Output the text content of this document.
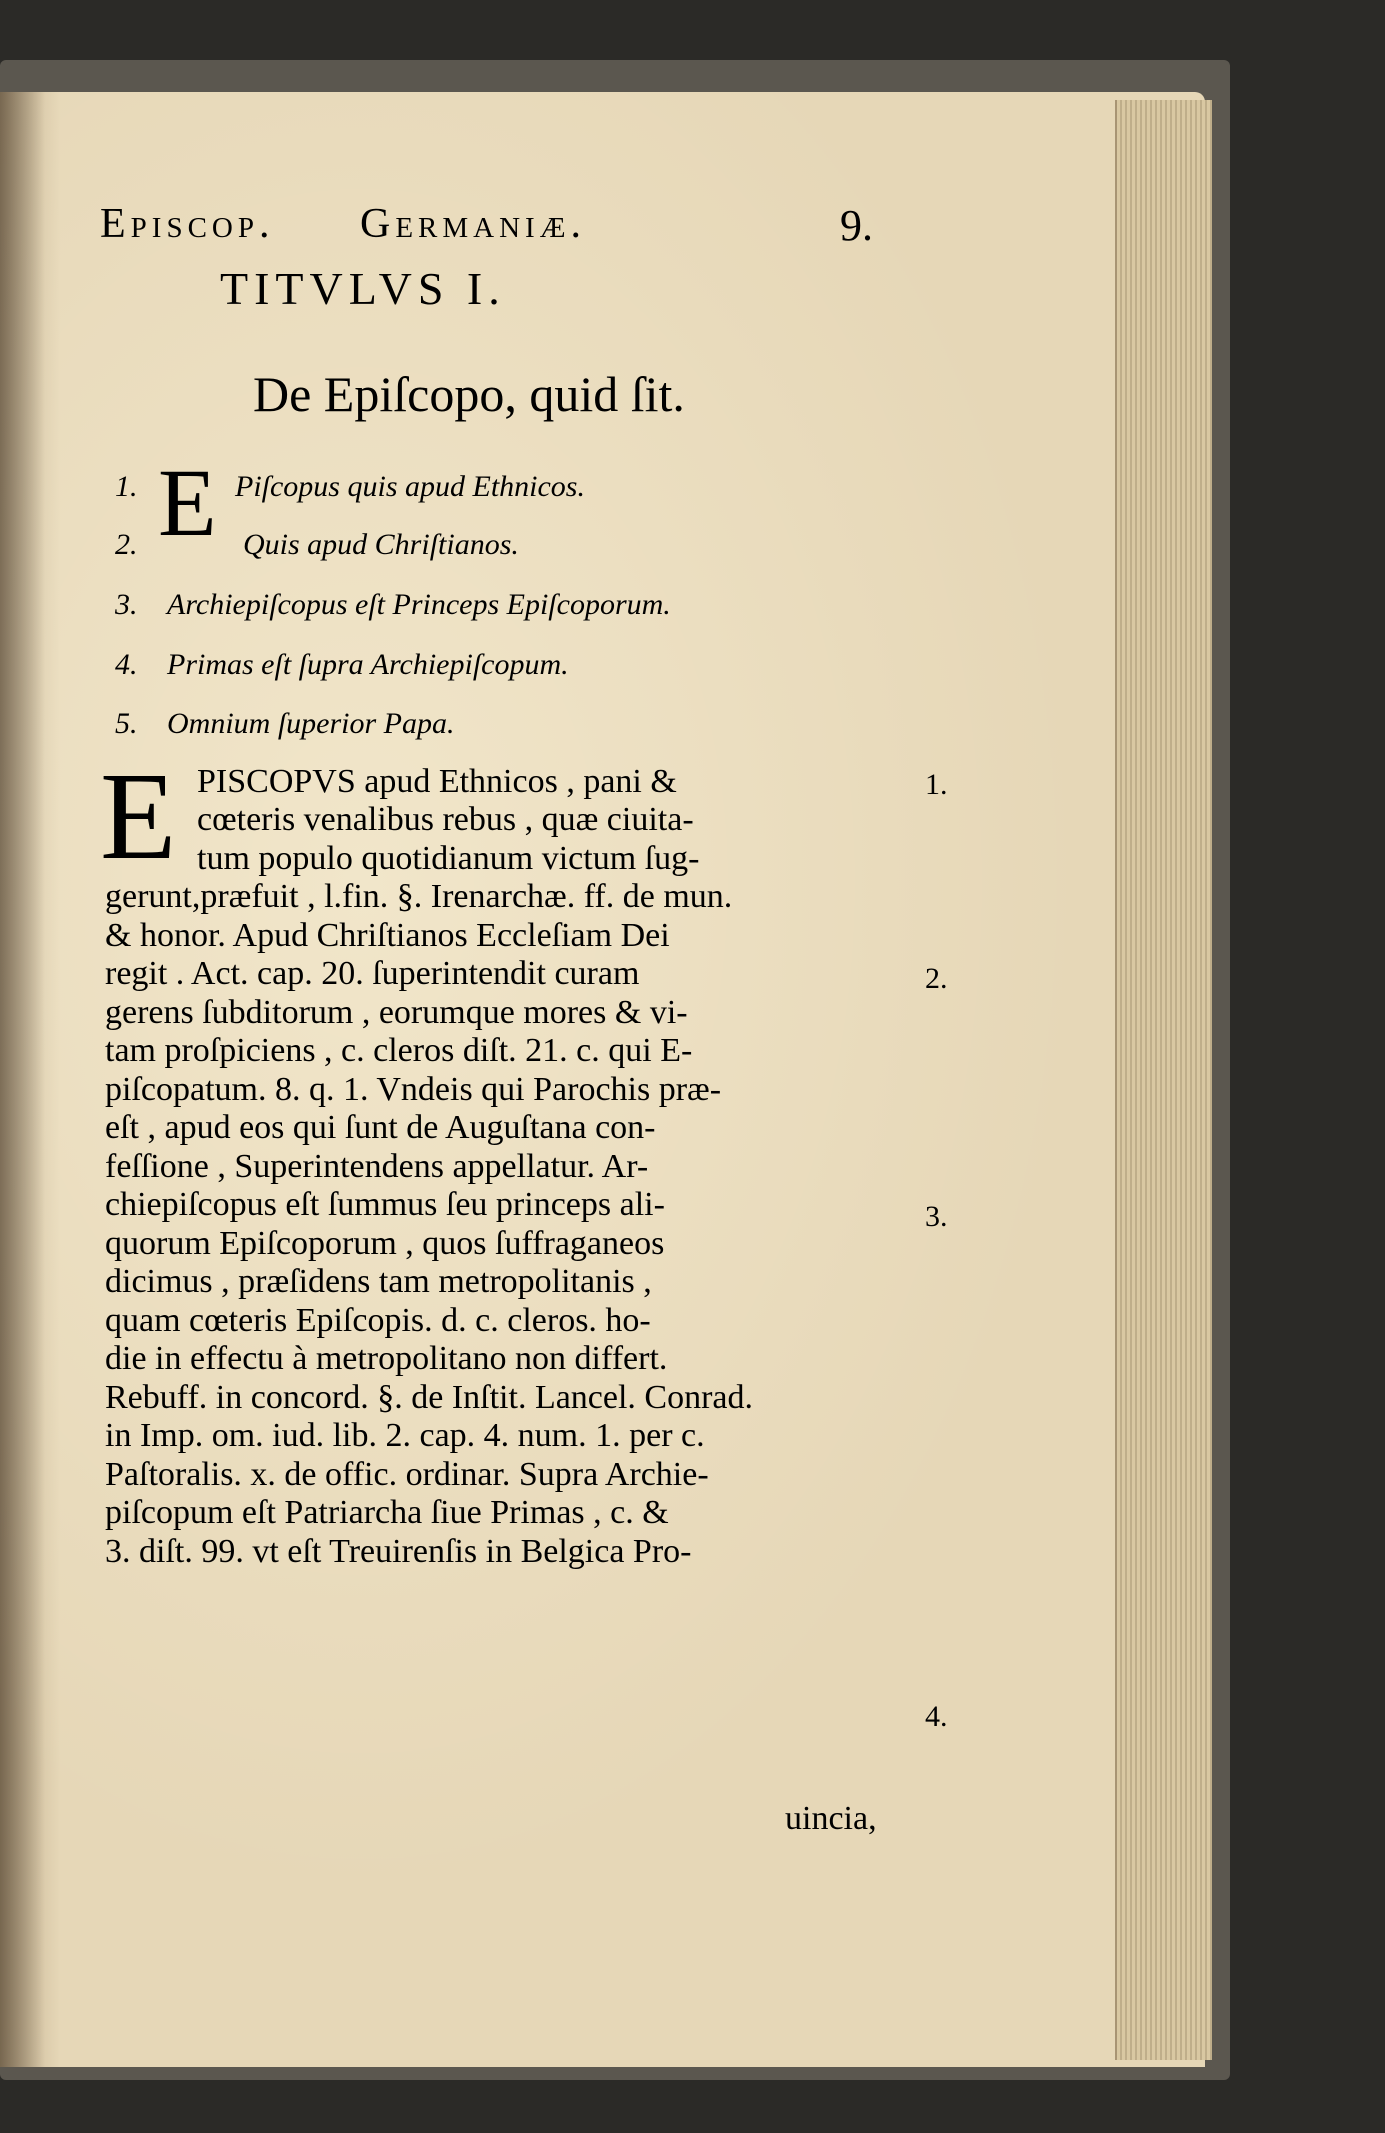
Episcop. Germaniæ.	9.
TITVLVS I.
De Epiſcopo, quid ſit.
E
1.	Piſcopus quis apud Ethnicos.
2.	Quis apud Chriſtianos.
3. Archiepiſcopus eſt Princeps Epiſcoporum.
4. Primas eſt ſupra Archiepiſcopum.
5. Omnium ſuperior Papa.
E PISCOPVS apud Ethnicos , pani &
cœteris venalibus rebus , quæ ciuita-
tum populo quotidianum victum ſug-
gerunt,præfuit , l.fin. §. Irenarchæ. ff. de mun.
& honor. Apud Chriſtianos Eccleſiam Dei
regit . Act. cap. 20. ſuperintendit curam
gerens ſubditorum , eorumque mores & vi-
tam proſpiciens , c. cleros diſt. 21. c. qui E-
piſcopatum. 8. q. 1. Vndeis qui Parochis præ-
eſt , apud eos qui ſunt de Auguſtana con-
feſſione , Superintendens appellatur. Ar-
chiepiſcopus eſt ſummus ſeu princeps ali-
quorum Epiſcoporum , quos ſuffraganeos
dicimus , præſidens tam metropolitanis ,
quam cœteris Epiſcopis. d. c. cleros. ho-
die in effectu à metropolitano non differt.
Rebuff. in concord. §. de Inſtit. Lancel. Conrad.
in Imp. om. iud. lib. 2. cap. 4. num. 1. per c.
Paſtoralis. x. de offic. ordinar. Supra Archie-
piſcopum eſt Patriarcha ſiue Primas , c. &
3. diſt. 99. vt eſt Treuirenſis in Belgica Pro-
uincia,
1.
2.
3.
4.
